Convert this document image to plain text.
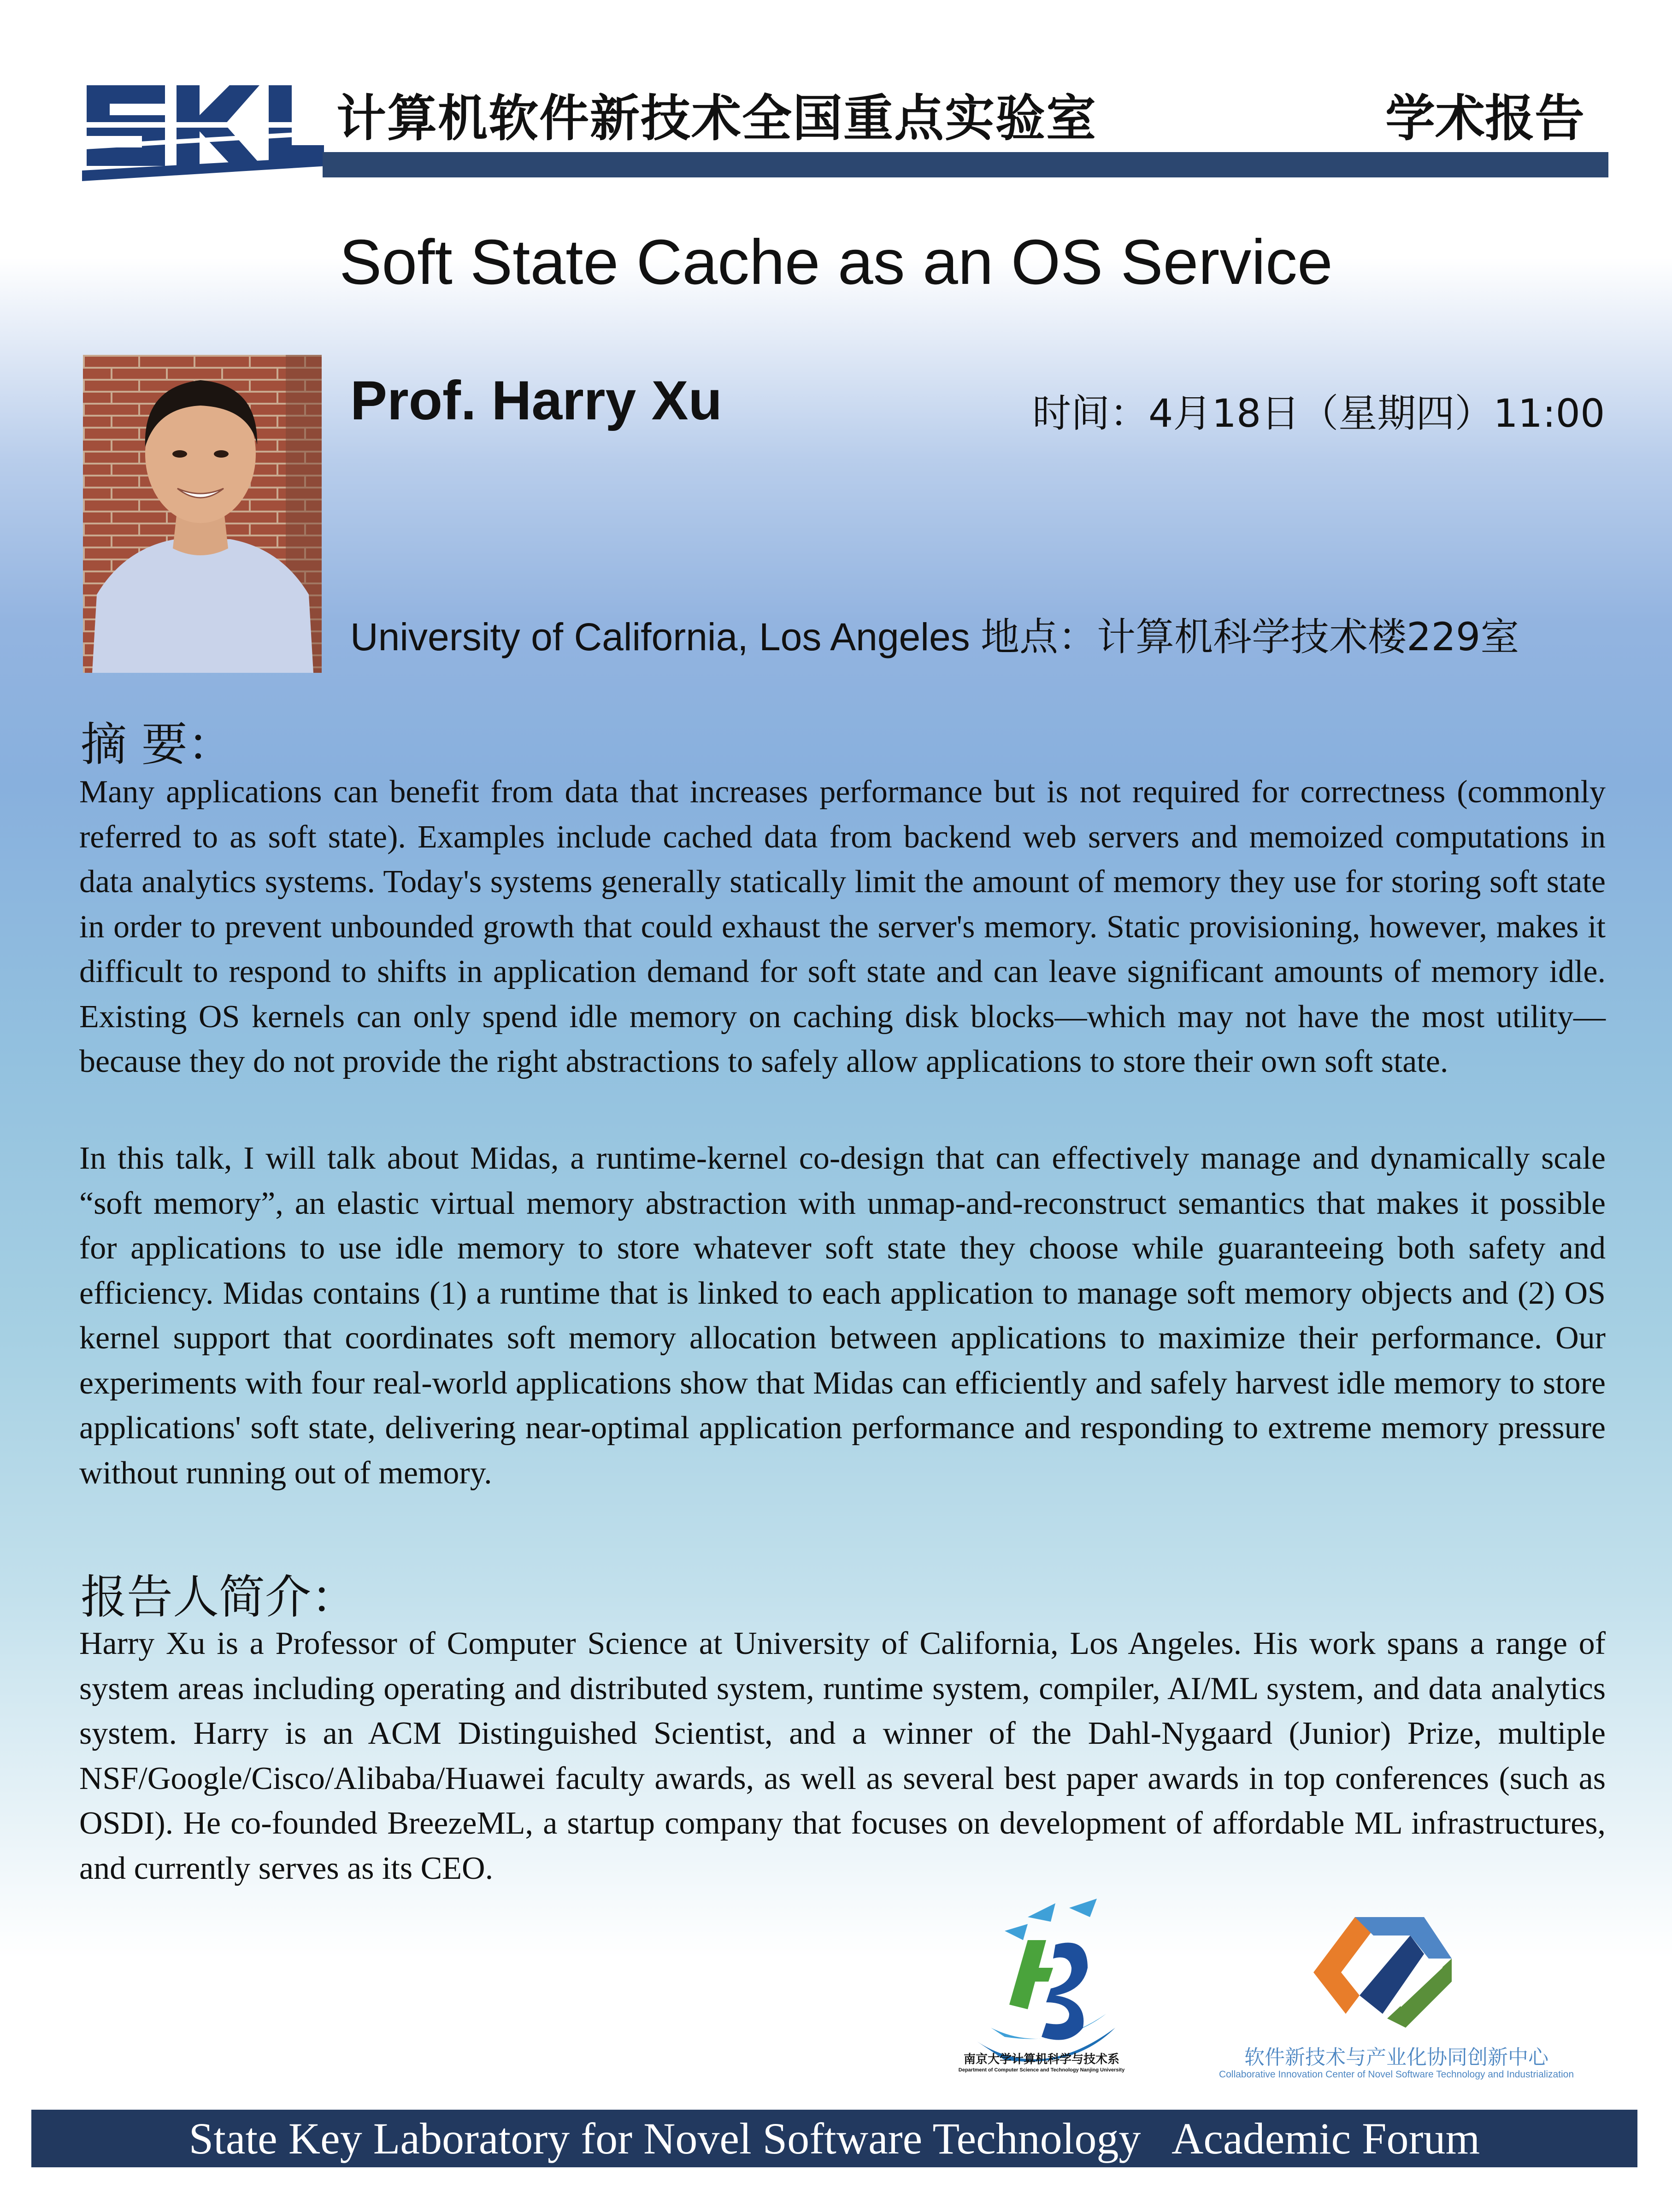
计算机软件新技术全国重点实验室	学术报告
Soft State Cache as an OS Service
Prof. Harry Xu	时间：4月18日（星期四）11:00
University of California, Los Angeles 地点：计算机科学技术楼229室
摘 要：

Many applications can benefit from data that increases performance but is not required for correctness (commonly referred to as soft state). Examples include cached data from backend web servers and memoized computations in data analytics systems. Today's systems generally statically limit the amount of memory they use for storing soft state in order to prevent unbounded growth that could exhaust the server's memory. Static provisioning, however, makes it difficult to respond to shifts in application demand for soft state and can leave significant amounts of memory idle. Existing OS kernels can only spend idle memory on caching disk blocks—which may not have the most utility—because they do not provide the right abstractions to safely allow applications to store their own soft state.

In this talk, I will talk about Midas, a runtime-kernel co-design that can effectively manage and dynamically scale “soft memory”, an elastic virtual memory abstraction with unmap-and-reconstruct semantics that makes it possible for applications to use idle memory to store whatever soft state they choose while guaranteeing both safety and efficiency. Midas contains (1) a runtime that is linked to each application to manage soft memory objects and (2) OS kernel support that coordinates soft memory allocation between applications to maximize their performance. Our experiments with four real-world applications show that Midas can efficiently and safely harvest idle memory to store applications' soft state, delivering near-optimal application performance and responding to extreme memory pressure without running out of memory.

报告人简介：

Harry Xu is a Professor of Computer Science at University of California, Los Angeles. His work spans a range of system areas including operating and distributed system, runtime system, compiler, AI/ML system, and data analytics system. Harry is an ACM Distinguished Scientist, and a winner of the Dahl-Nygaard (Junior) Prize, multiple NSF/Google/Cisco/Alibaba/Huawei faculty awards, as well as several best paper awards in top conferences (such as OSDI). He co-founded BreezeML, a startup company that focuses on development of affordable ML infrastructures, and currently serves as its CEO.

南京大学计算机科学与技术系
Department of Computer Science and Technology Nanjing University
软件新技术与产业化协同创新中心
Collaborative Innovation Center of Novel Software Technology and Industrialization
State Key Laboratory for Novel Software Technology   Academic Forum
